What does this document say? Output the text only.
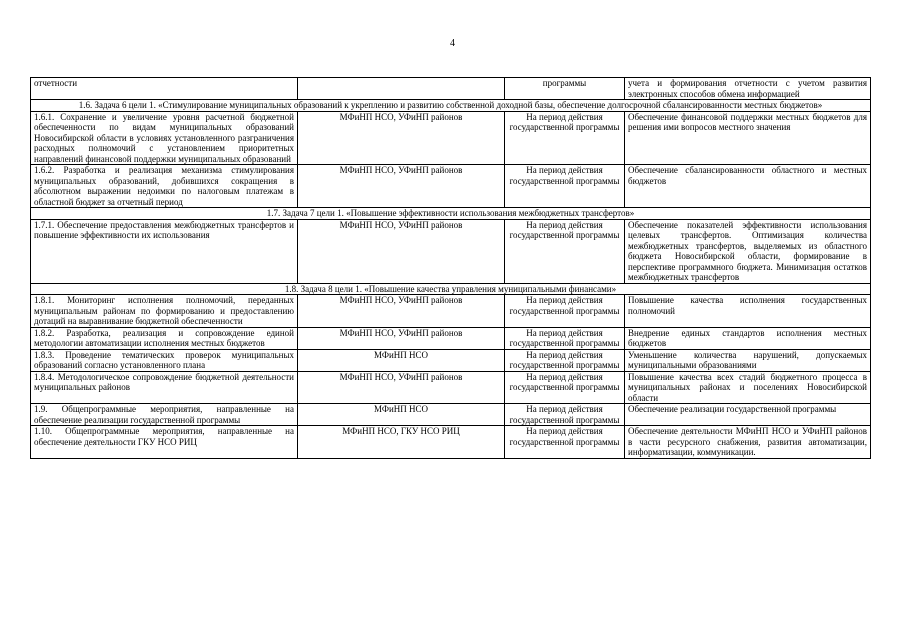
4
отчетности		программы	учета и формирования отчетности с учетом развития электронных способов обмена информацией
1.6. Задача 6 цели 1. «Стимулирование муниципальных образований к укреплению и развитию собственной доходной базы, обеспечение долгосрочной сбалансированности местных бюджетов»			
1.6.1. Сохранение и увеличение уровня расчетной бюджетной обеспеченности по видам муниципальных образований Новосибирской области в условиях установленного разграничения расходных полномочий с установлением приоритетных направлений финансовой поддержки муниципальных образований	МФиНП НСО, УФиНП районов	На период действия государственной программы	Обеспечение финансовой поддержки местных бюджетов для решения ими вопросов местного значения
1.6.2. Разработка и реализация механизма стимулирования муниципальных образований, добившихся сокращения в абсолютном выражении недоимки по налоговым платежам в областной бюджет за отчетный период	МФиНП НСО, УФиНП районов	На период действия государственной программы	Обеспечение сбалансированности областного и местных бюджетов
1.7. Задача 7 цели 1. «Повышение эффективности использования межбюджетных трансфертов»			
1.7.1. Обеспечение предоставления межбюджетных трансфертов и повышение эффективности их использования	МФиНП НСО, УФиНП районов	На период действия государственной программы	Обеспечение показателей эффективности использования целевых трансфертов. Оптимизация количества межбюджетных трансфертов, выделяемых из областного бюджета Новосибирской области, формирование в перспективе программного бюджета. Минимизация остатков межбюджетных трансфертов
1.8. Задача 8 цели 1. «Повышение качества управления муниципальными финансами»			
1.8.1. Мониторинг исполнения полномочий, переданных муниципальным районам по формированию и предоставлению дотаций на выравнивание бюджетной обеспеченности	МФиНП НСО, УФиНП районов	На период действия государственной программы	Повышение качества исполнения государственных полномочий
1.8.2. Разработка, реализация и сопровождение единой методологии автоматизации исполнения местных бюджетов	МФиНП НСО, УФиНП районов	На период действия государственной программы	Внедрение единых стандартов исполнения местных бюджетов
1.8.3. Проведение тематических проверок муниципальных образований согласно установленного плана	МФиНП НСО	На период действия государственной программы	Уменьшение количества нарушений, допускаемых муниципальными образованиями
1.8.4. Методологическое сопровождение бюджетной деятельности муниципальных районов	МФиНП НСО, УФиНП районов	На период действия государственной программы	Повышение качества всех стадий бюджетного процесса в муниципальных районах и поселениях Новосибирской области
1.9. Общепрограммные мероприятия, направленные на обеспечение реализации государственной программы	МФиНП НСО	На период действия государственной программы	Обеспечение реализации государственной программы
1.10. Общепрограммные мероприятия, направленные на обеспечение деятельности ГКУ НСО РИЦ	МФиНП НСО, ГКУ НСО РИЦ	На период действия государственной программы	Обеспечение деятельности МФиНП НСО и УФиНП районов в части ресурсного снабжения, развития автоматизации, информатизации, коммуникации.
